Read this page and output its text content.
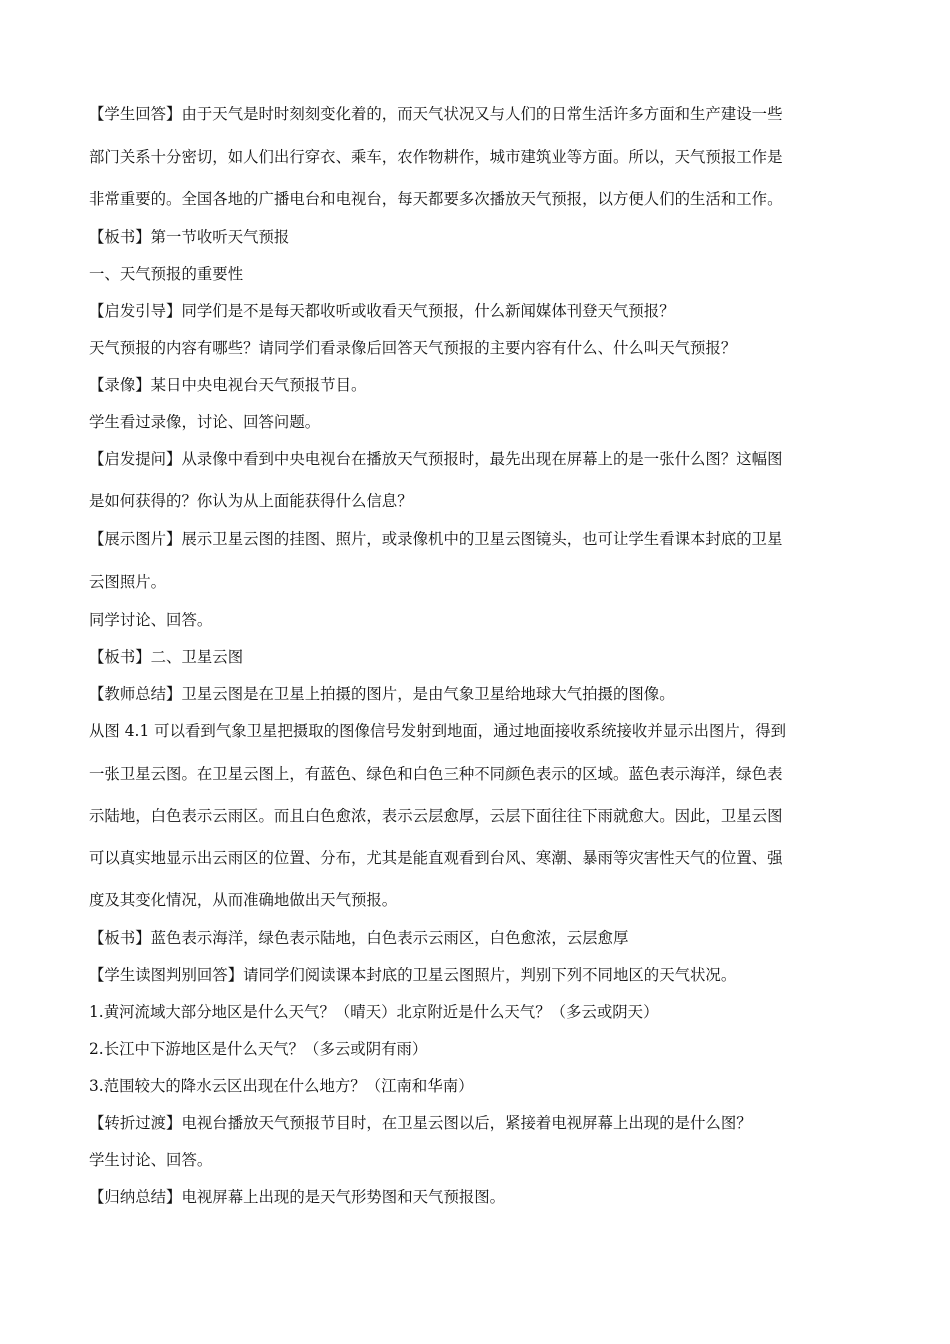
【学生回答】由于天气是时时刻刻变化着的，而天气状况又与人们的日常生活许多方面和生产建设一些
部门关系十分密切，如人们出行穿衣、乘车，农作物耕作，城市建筑业等方面。所以，天气预报工作是
非常重要的。全国各地的广播电台和电视台，每天都要多次播放天气预报，以方便人们的生活和工作。
【板书】第一节收听天气预报
一、天气预报的重要性
【启发引导】同学们是不是每天都收听或收看天气预报，什么新闻媒体刊登天气预报？
天气预报的内容有哪些？请同学们看录像后回答天气预报的主要内容有什么、什么叫天气预报？
【录像】某日中央电视台天气预报节目。
学生看过录像，讨论、回答问题。
【启发提问】从录像中看到中央电视台在播放天气预报时，最先出现在屏幕上的是一张什么图？这幅图
是如何获得的？你认为从上面能获得什么信息？
【展示图片】展示卫星云图的挂图、照片，或录像机中的卫星云图镜头，也可让学生看课本封底的卫星
云图照片。
同学讨论、回答。
【板书】二、卫星云图
【教师总结】卫星云图是在卫星上拍摄的图片，是由气象卫星给地球大气拍摄的图像。
从图 4.1 可以看到气象卫星把摄取的图像信号发射到地面，通过地面接收系统接收并显示出图片，得到
一张卫星云图。在卫星云图上，有蓝色、绿色和白色三种不同颜色表示的区域。蓝色表示海洋，绿色表
示陆地，白色表示云雨区。而且白色愈浓，表示云层愈厚，云层下面往往下雨就愈大。因此，卫星云图
可以真实地显示出云雨区的位置、分布，尤其是能直观看到台风、寒潮、暴雨等灾害性天气的位置、强
度及其变化情况，从而准确地做出天气预报。
【板书】蓝色表示海洋，绿色表示陆地，白色表示云雨区，白色愈浓，云层愈厚
【学生读图判别回答】请同学们阅读课本封底的卫星云图照片，判别下列不同地区的天气状况。
1.黄河流域大部分地区是什么天气？（晴天）北京附近是什么天气？（多云或阴天）
2.长江中下游地区是什么天气？（多云或阴有雨）
3.范围较大的降水云区出现在什么地方？（江南和华南）
【转折过渡】电视台播放天气预报节目时，在卫星云图以后，紧接着电视屏幕上出现的是什么图？
学生讨论、回答。
【归纳总结】电视屏幕上出现的是天气形势图和天气预报图。
